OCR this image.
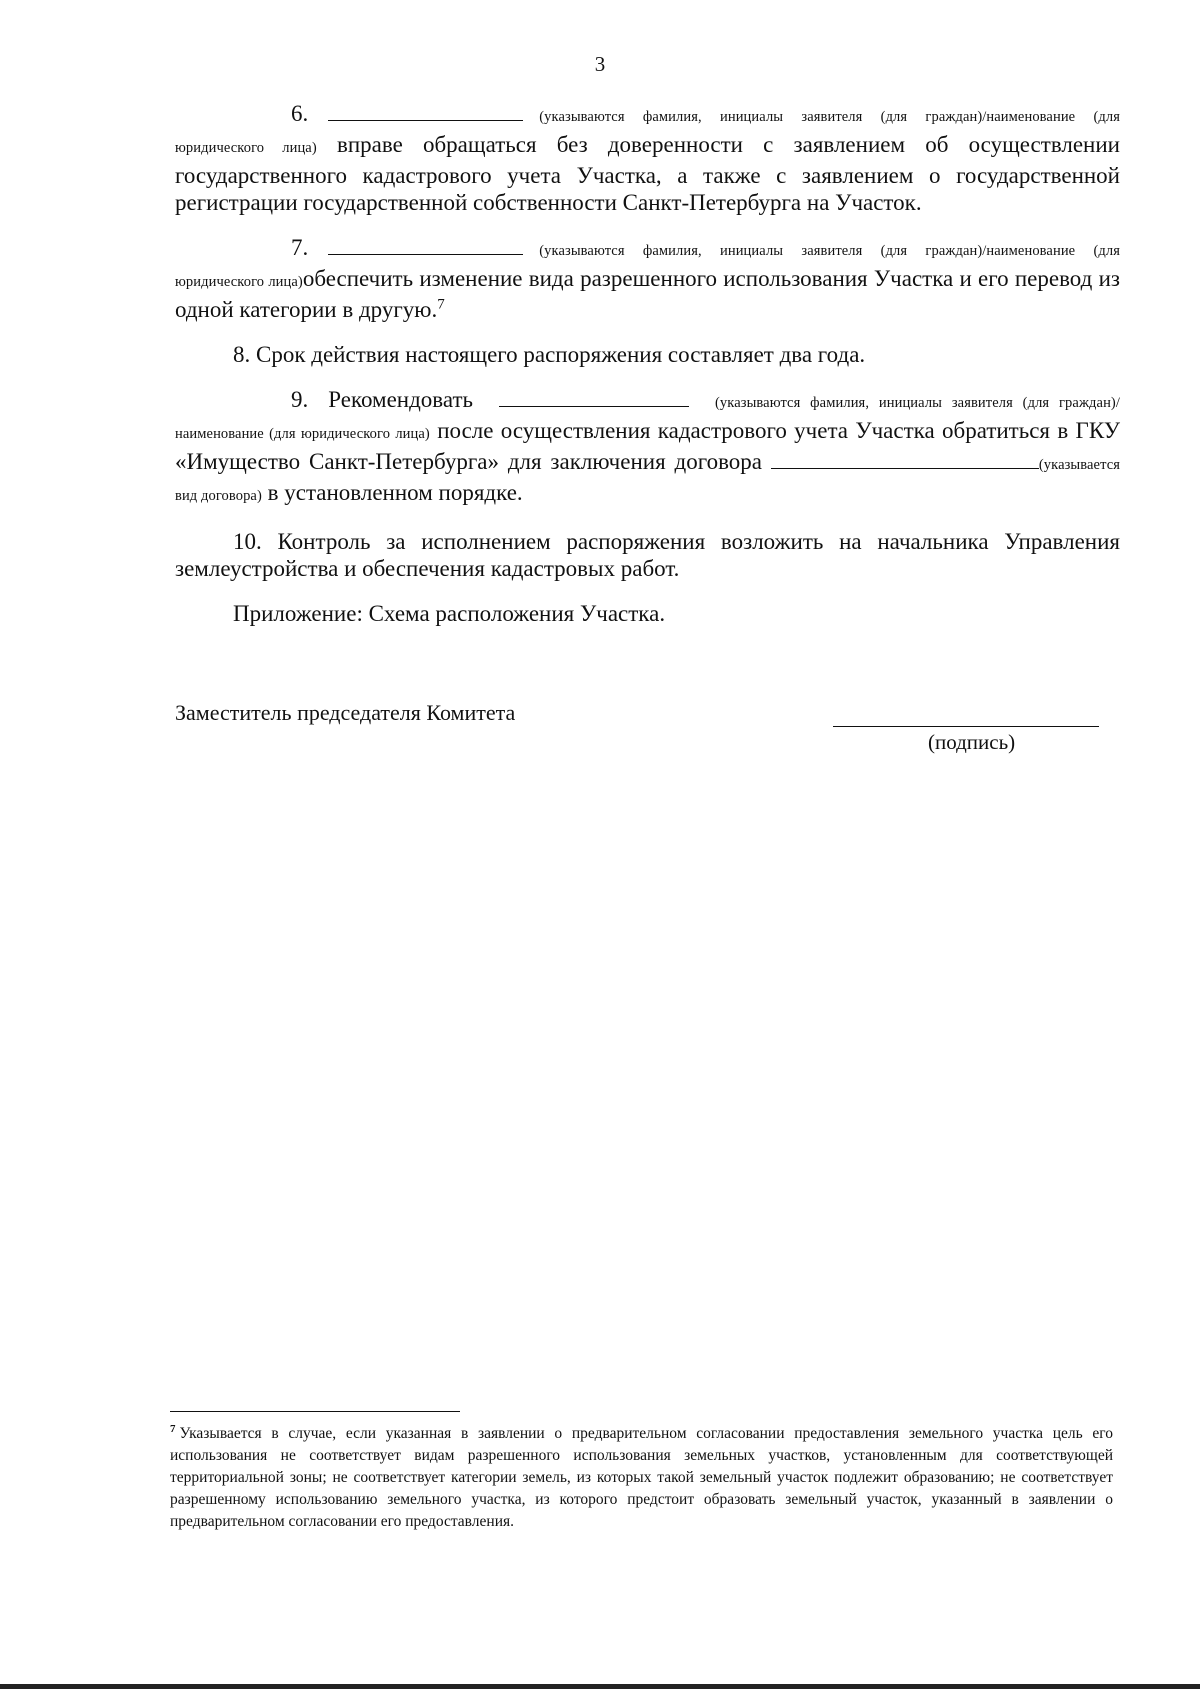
3

6.	(указываются фамилия, инициалы заявителя (для граждан)/наименование (для юридического лица) вправе обращаться без доверенности с заявлением об осуществлении государственного кадастрового учета Участка, а также с заявлением о государственной регистрации государственной собственности Санкт-Петербурга на Участок.

7.	(указываются фамилия, инициалы заявителя (для граждан)/наименование (для юридического лица)обеспечить изменение вида разрешенного использования Участка и его перевод из одной категории в другую.$^7$

8. Срок действия настоящего распоряжения составляет два года.

9. Рекомендовать	(указываются фамилия, инициалы заявителя (для граждан)/наименование (для юридического лица) после осуществления кадастрового учета Участка обратиться в ГКУ «Имущество Санкт-Петербурга» для заключения договора	(указывается вид договора) в установленном порядке.

10. Контроль за исполнением распоряжения возложить на начальника Управления землеустройства и обеспечения кадастровых работ.

Приложение: Схема расположения Участка.

Заместитель председателя Комитета
(подпись)
$^7$ Указывается в случае, если указанная в заявлении о предварительном согласовании предоставления земельного участка цель его использования не соответствует видам разрешенного использования земельных участков, установленным для соответствующей территориальной зоны; не соответствует категории земель, из которых такой земельный участок подлежит образованию; не соответствует разрешенному использованию земельного участка, из которого предстоит образовать земельный участок, указанный в заявлении о предварительном согласовании его предоставления.
